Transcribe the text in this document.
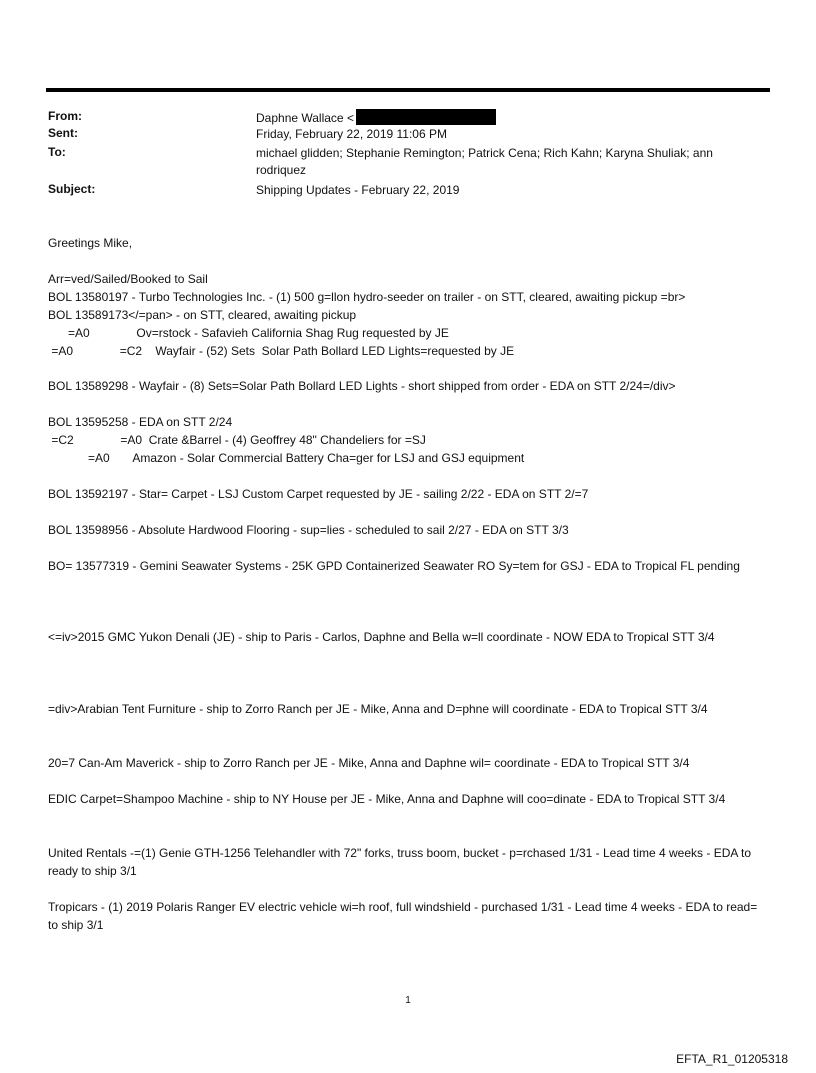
From:	Daphne Wallace <
Sent:	Friday, February 22, 2019 11:06 PM
To:	michael glidden; Stephanie Remington; Patrick Cena; Rich Kahn; Karyna Shuliak; ann rodriquez
Subject:	Shipping Updates - February 22, 2019
Greetings Mike,
Arr=ved/Sailed/Booked to Sail
BOL 13580197 - Turbo Technologies Inc. - (1) 500 g=llon hydro-seeder on trailer - on STT, cleared, awaiting pickup =br>
BOL 13589173</=pan> - on STT, cleared, awaiting pickup
=A0              Ov=rstock - Safavieh California Shag Rug requested by JE
=A0              =C2    Wayfair - (52) Sets  Solar Path Bollard LED Lights=requested by JE
BOL 13589298 - Wayfair - (8) Sets=Solar Path Bollard LED Lights - short shipped from order - EDA on STT 2/24=/div>
BOL 13595258 - EDA on STT 2/24
=C2              =A0  Crate &Barrel - (4) Geoffrey 48" Chandeliers for =SJ
=A0       Amazon - Solar Commercial Battery Cha=ger for LSJ and GSJ equipment
BOL 13592197 - Star= Carpet - LSJ Custom Carpet requested by JE - sailing 2/22 - EDA on STT 2/=7
BOL 13598956 - Absolute Hardwood Flooring - sup=lies - scheduled to sail 2/27 - EDA on STT 3/3
BO= 13577319 - Gemini Seawater Systems - 25K GPD Containerized Seawater RO Sy=tem for GSJ - EDA to Tropical FL pending
<=iv>2015 GMC Yukon Denali (JE) - ship to Paris - Carlos, Daphne and Bella w=ll coordinate - NOW EDA to Tropical STT 3/4
=div>Arabian Tent Furniture - ship to Zorro Ranch per JE - Mike, Anna and D=phne will coordinate - EDA to Tropical STT 3/4
20=7 Can-Am Maverick - ship to Zorro Ranch per JE - Mike, Anna and Daphne wil= coordinate - EDA to Tropical STT 3/4
EDIC Carpet=Shampoo Machine - ship to NY House per JE - Mike, Anna and Daphne will coo=dinate - EDA to Tropical STT 3/4
United Rentals -=(1) Genie GTH-1256 Telehandler with 72" forks, truss boom, bucket - p=rchased 1/31 - Lead time 4 weeks - EDA to ready to ship 3/1
Tropicars - (1) 2019 Polaris Ranger EV electric vehicle wi=h roof, full windshield - purchased 1/31 - Lead time 4 weeks - EDA to read= to ship 3/1
1
EFTA_R1_01205318
